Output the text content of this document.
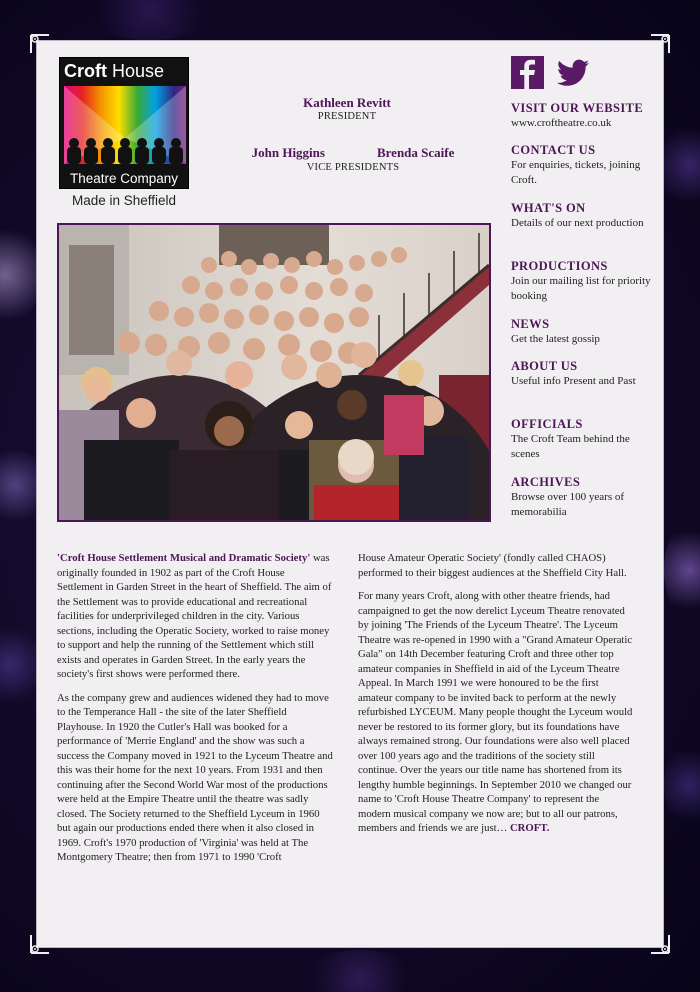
Croft House
Theatre Company
Made in Sheffield
Kathleen Revitt
PRESIDENT
John Higgins	Brenda Scaife
VICE PRESIDENTS
VISIT OUR WEBSITE
www.croftheatre.co.uk
CONTACT US
For enquiries, tickets, joining Croft.
WHAT'S ON
Details of our next production
PRODUCTIONS
Join our mailing list for priority booking
NEWS
Get the latest gossip
ABOUT US
Useful info Present and Past
OFFICIALS
The Croft Team behind the scenes
ARCHIVES
Browse over 100 years of memorabilia

'Croft House Settlement Musical and Dramatic Society' was originally founded in 1902 as part of the Croft House Settlement in Garden Street in the heart of Sheffield. The aim of the Settlement was to provide educational and recreational facilities for underprivileged children in the city. Various sections, including the Operatic Society, worked to raise money to support and help the running of the Settlement which still exists and operates in Garden Street. In the early years the society's first shows were performed there.

As the company grew and audiences widened they had to move to the Temperance Hall - the site of the later Sheffield Playhouse. In 1920 the Cutler's Hall was booked for a performance of 'Merrie England' and the show was such a success the Company moved in 1921 to the Lyceum Theatre and this was their home for the next 10 years. From 1931 and then continuing after the Second World War most of the productions were held at the Empire Theatre until the theatre was sadly closed. The Society returned to the Sheffield Lyceum in 1960 but again our productions ended there when it also closed in 1969. Croft's 1970 production of 'Virginia' was held at The Montgomery Theatre; then from 1971 to 1990 'Croft

House Amateur Operatic Society' (fondly called CHAOS) performed to their biggest audiences at the Sheffield City Hall.

For many years Croft, along with other theatre friends, had campaigned to get the now derelict Lyceum Theatre renovated by joining 'The Friends of the Lyceum Theatre'. The Lyceum Theatre was re-opened in 1990 with a "Grand Amateur Operatic Gala" on 14th December featuring Croft and three other top amateur companies in Sheffield in aid of the Lyceum Theatre Appeal. In March 1991 we were honoured to be the first amateur company to be invited back to perform at the newly refurbished LYCEUM. Many people thought the Lyceum would never be restored to its former glory, but its foundations have always remained strong. Our foundations were also well placed over 100 years ago and the traditions of the society still continue. Over the years our title name has shortened from its lengthy humble beginnings. In September 2010 we changed our name to 'Croft House Theatre Company' to represent the modern musical company we now are; but to all our patrons, members and friends we are just… CROFT.
